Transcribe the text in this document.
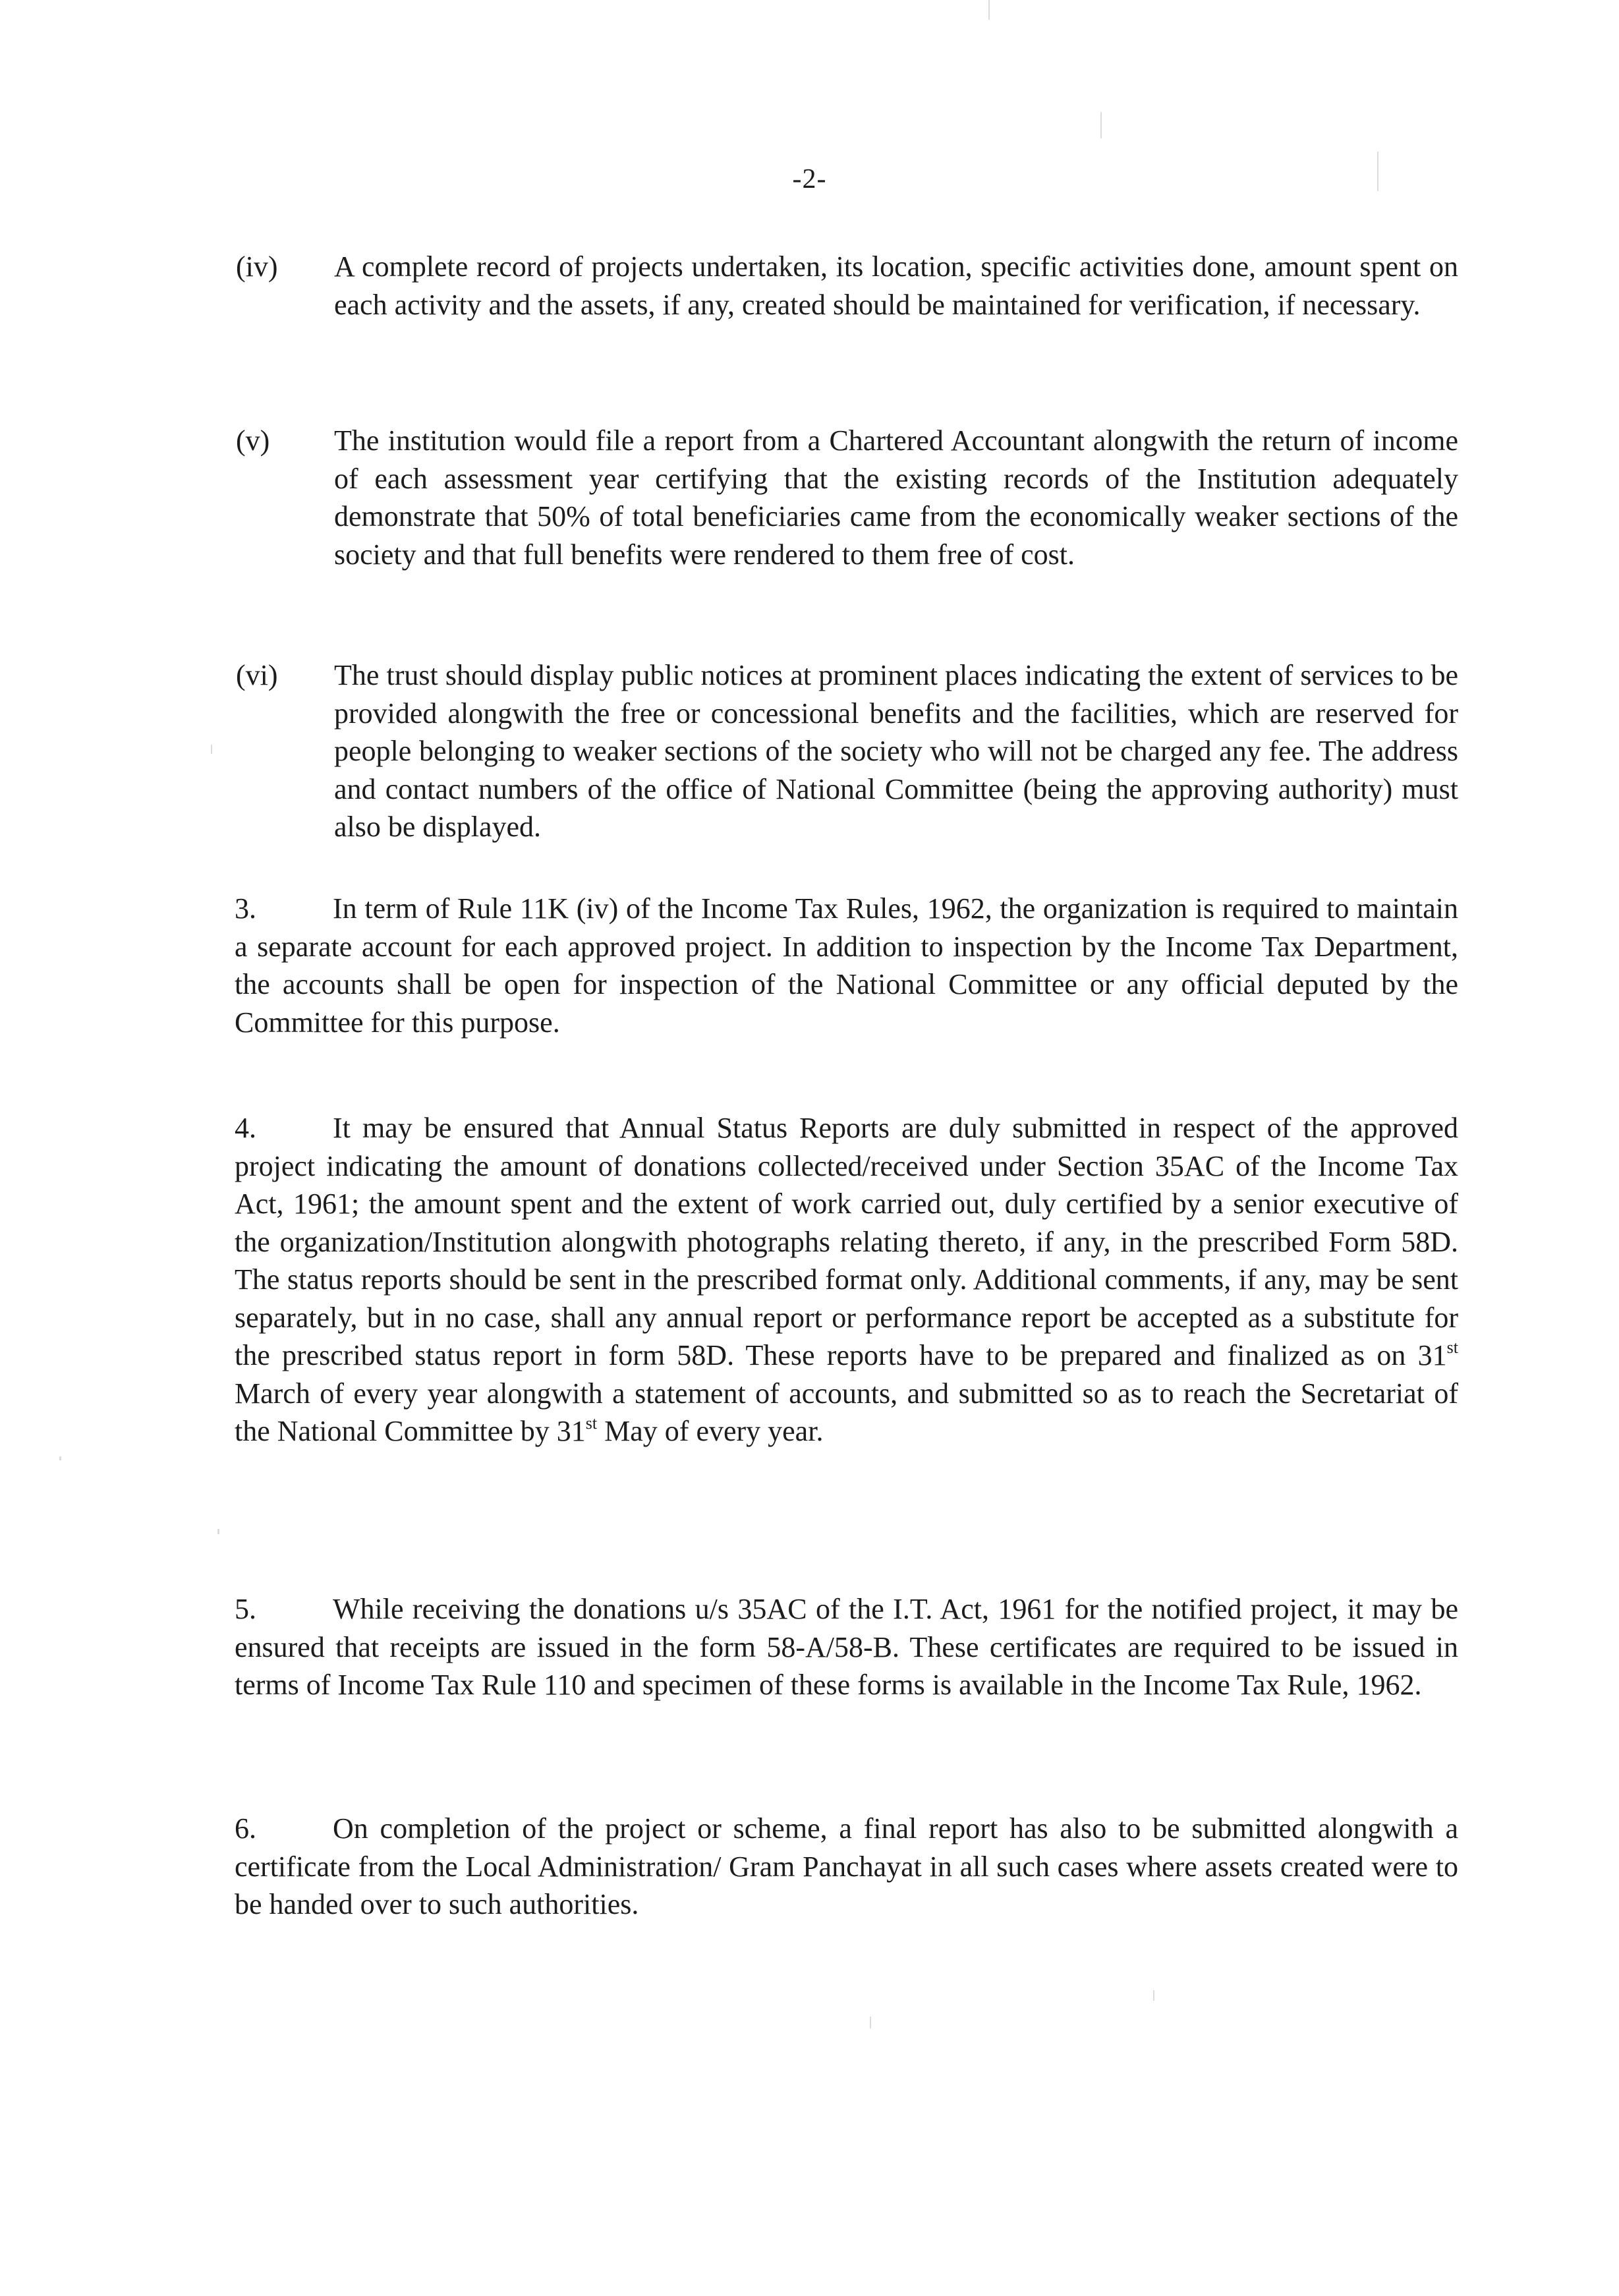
-2-
(iv) A complete record of projects undertaken, its location, specific activities done, amount spent on each activity and the assets, if any, created should be maintained for verification, if necessary.
(v) The institution would file a report from a Chartered Accountant alongwith the return of income of each assessment year certifying that the existing records of the Institution adequately demonstrate that 50% of total beneficiaries came from the economically weaker sections of the society and that full benefits were rendered to them free of cost.
(vi) The trust should display public notices at prominent places indicating the extent of services to be provided alongwith the free or concessional benefits and the facilities, which are reserved for people belonging to weaker sections of the society who will not be charged any fee. The address and contact numbers of the office of National Committee (being the approving authority) must also be displayed.
3.	In term of Rule 11K (iv) of the Income Tax Rules, 1962, the organization is required to maintain a separate account for each approved project. In addition to inspection by the Income Tax Department, the accounts shall be open for inspection of the National Committee or any official deputed by the Committee for this purpose.
4.	It may be ensured that Annual Status Reports are duly submitted in respect of the approved project indicating the amount of donations collected/received under Section 35AC of the Income Tax Act, 1961; the amount spent and the extent of work carried out, duly certified by a senior executive of the organization/Institution alongwith photographs relating thereto, if any, in the prescribed Form 58D. The status reports should be sent in the prescribed format only. Additional comments, if any, may be sent separately, but in no case, shall any annual report or performance report be accepted as a substitute for the prescribed status report in form 58D. These reports have to be prepared and finalized as on 31st March of every year alongwith a statement of accounts, and submitted so as to reach the Secretariat of the National Committee by 31st May of every year.
5.	While receiving the donations u/s 35AC of the I.T. Act, 1961 for the notified project, it may be ensured that receipts are issued in the form 58-A/58-B. These certificates are required to be issued in terms of Income Tax Rule 110 and specimen of these forms is available in the Income Tax Rule, 1962.
6.	On completion of the project or scheme, a final report has also to be submitted alongwith a certificate from the Local Administration/ Gram Panchayat in all such cases where assets created were to be handed over to such authorities.
